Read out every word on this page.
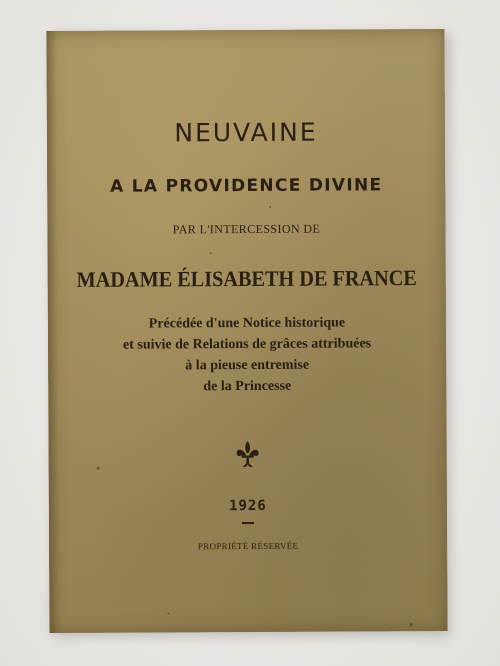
NEUVAINE
A LA PROVIDENCE DIVINE

PAR L'INTERCESSION DE

MADAME ÉLISABETH DE FRANCE

Précédée d'une Notice historique

et suivie de Relations de grâces attribuées

à la pieuse entremise

de la Princesse

1926

PROPRIÉTÉ RÉSERVÉE
